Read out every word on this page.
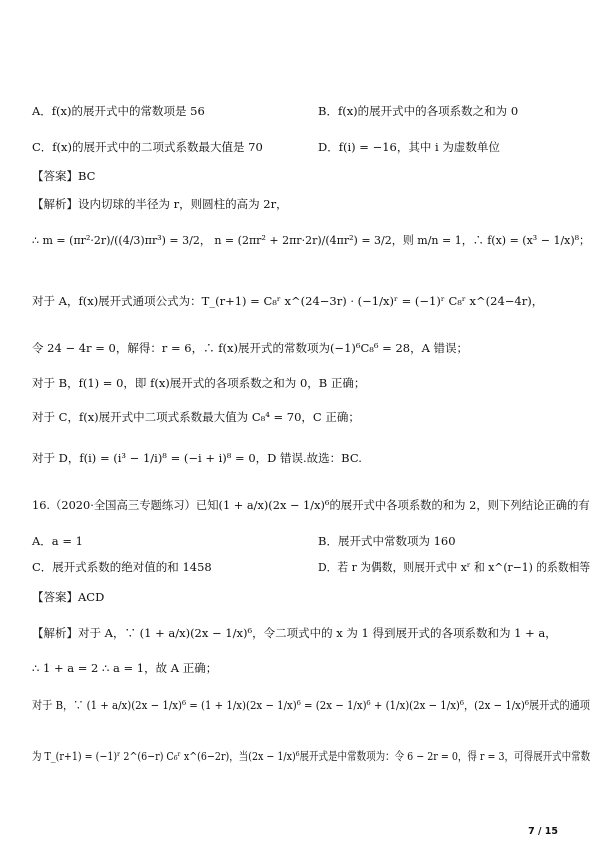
A．f(x)的展开式中的常数项是 56	B．f(x)的展开式中的各项系数之和为 0
C．f(x)的展开式中的二项式系数最大值是 70	D．f(i) = −16，其中 i 为虚数单位
【答案】BC
【解析】设内切球的半径为 r，则圆柱的高为 2r，
∴ m = (πr²·2r)/((4/3)πr³) = 3/2， n = (2πr² + 2πr·2r)/(4πr²) = 3/2，则 m/n = 1，∴ f(x) = (x³ − 1/x)⁸；
对于 A，f(x)展开式通项公式为：T_(r+1) = C₈ʳ x^(24−3r) · (−1/x)ʳ = (−1)ʳ C₈ʳ x^(24−4r)，
令 24 − 4r = 0，解得：r = 6，∴ f(x)展开式的常数项为(−1)⁶C₈⁶ = 28，A 错误；
对于 B，f(1) = 0，即 f(x)展开式的各项系数之和为 0，B 正确；
对于 C，f(x)展开式中二项式系数最大值为 C₈⁴ = 70，C 正确；
对于 D，f(i) = (i³ − 1/i)⁸ = (−i + i)⁸ = 0，D 错误.故选：BC.
16.（2020·全国高三专题练习）已知(1 + a/x)(2x − 1/x)⁶的展开式中各项系数的和为 2，则下列结论正确的有
A．a = 1	B．展开式中常数项为 160
C．展开式系数的绝对值的和 1458	D．若 r 为偶数，则展开式中 xʳ 和 x^(r−1) 的系数相等
【答案】ACD
【解析】对于 A，∵ (1 + a/x)(2x − 1/x)⁶，令二项式中的 x 为 1 得到展开式的各项系数和为 1 + a，
∴ 1 + a = 2 ∴ a = 1，故 A 正确；
对于 B，∵ (1 + a/x)(2x − 1/x)⁶ = (1 + 1/x)(2x − 1/x)⁶ = (2x − 1/x)⁶ + (1/x)(2x − 1/x)⁶，(2x − 1/x)⁶展开式的通项
为 T_(r+1) = (−1)ʳ 2^(6−r) C₆ʳ x^(6−2r)，当(2x − 1/x)⁶展开式是中常数项为：令 6 − 2r = 0，得 r = 3，可得展开式中常数
7 / 15
